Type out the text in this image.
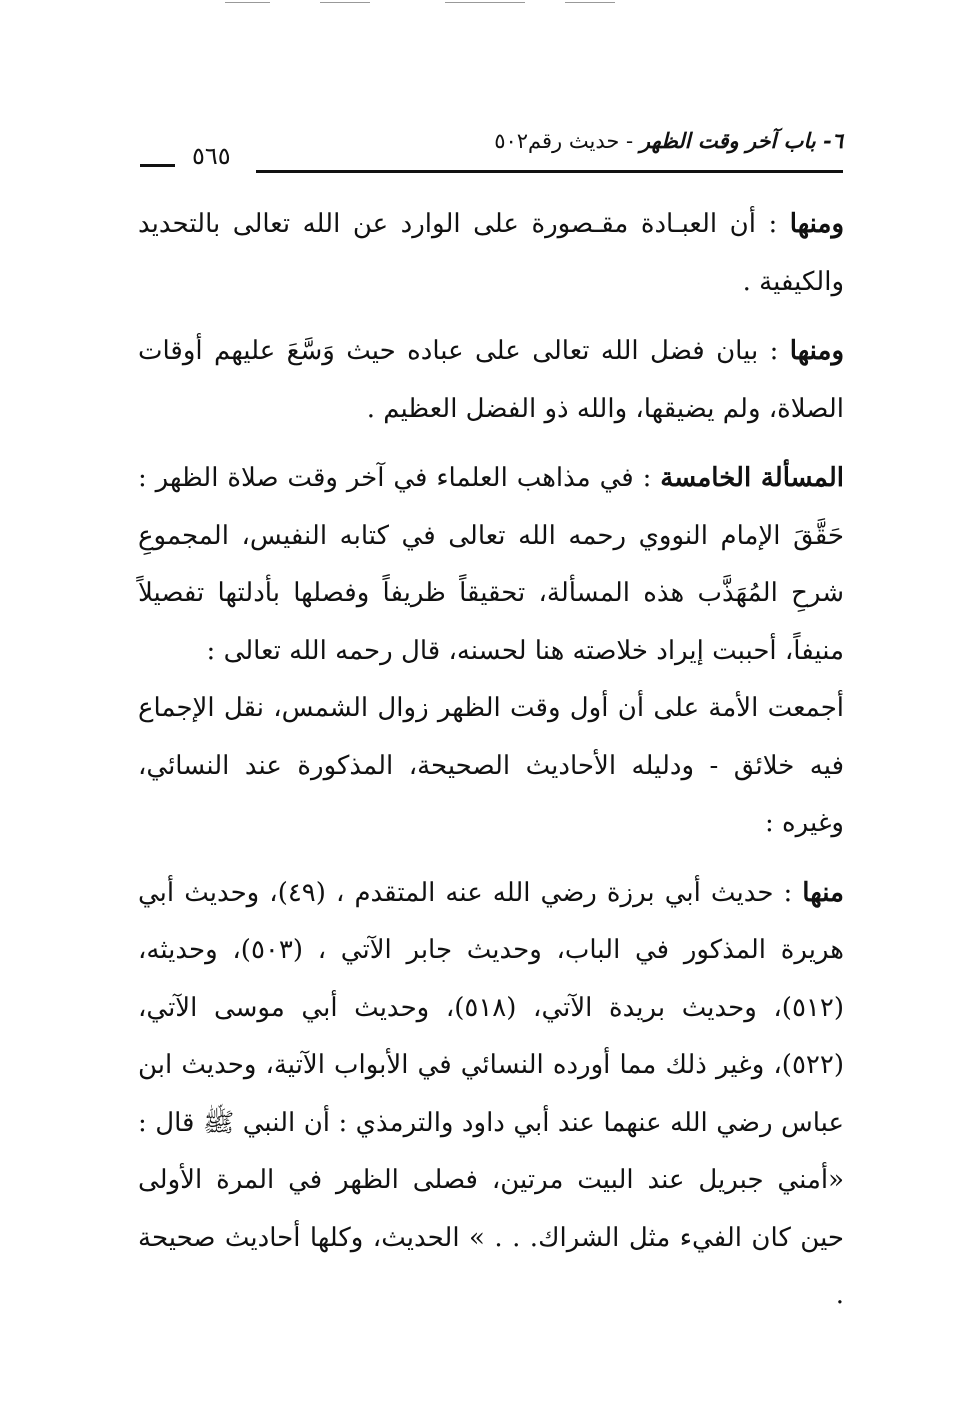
٦- باب آخر وقت الظهر - حديث رقم٥٠٢
٥٦٥

ومنها : أن العبـادة مقـصورة على الوارد عن الله تعالى بالتحديد والكيفية .

ومنها : بيان فضل الله تعالى على عباده حيث وَسَّعَ عليهم أوقات الصلاة، ولم يضيقها، والله ذو الفضل العظيم .

المسألة الخامسة : في مذاهب العلماء في آخر وقت صلاة الظهر : حَقَّقَ الإمام النووي رحمه الله تعالى في كتابه النفيس، المجموعِ شرحِ المُهَذَّب هذه المسألة، تحقيقاً ظريفاً وفصلها بأدلتها تفصيلاً منيفاً، أحببت إيراد خلاصته هنا لحسنه، قال رحمه الله تعالى :

أجمعت الأمة على أن أول وقت الظهر زوال الشمس، نقل الإجماع فيه خلائق - ودليله الأحاديث الصحيحة، المذكورة عند النسائي، وغيره :

منها : حديث أبي برزة رضي الله عنه المتقدم ، (٤٩)، وحديث أبي هريرة المذكور في الباب، وحديث جابر الآتي ، (٥٠٣)، وحديثه، (٥١٢)، وحديث بريدة الآتي، (٥١٨)، وحديث أبي موسى الآتي، (٥٢٢)، وغير ذلك مما أورده النسائي في الأبواب الآتية، وحديث ابن عباس رضي الله عنهما عند أبي داود والترمذي : أن النبي ﷺ قال : «أمني جبريل عند البيت مرتين، فصلى الظهر في المرة الأولى حين كان الفيء مثل الشراك. . . » الحديث، وكلها أحاديث صحيحة .
